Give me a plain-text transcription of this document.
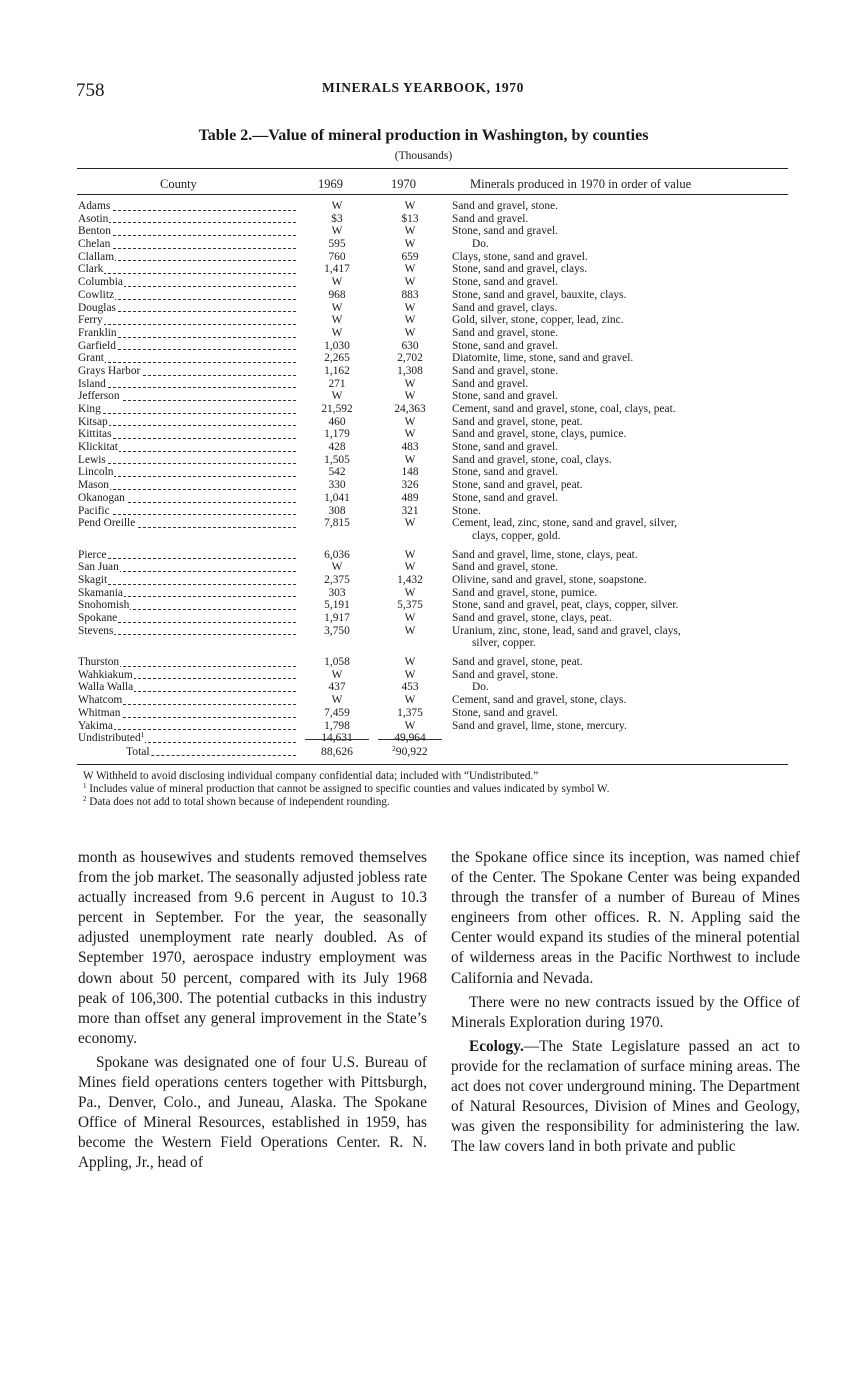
758	MINERALS YEARBOOK, 1970
Table 2.—Value of mineral production in Washington, by counties
(Thousands)
County	1969	1970	Minerals produced in 1970 in order of value
Adams	W	W	Sand and gravel, stone.
Asotin	$3	$13	Sand and gravel.
Benton	W	W	Stone, sand and gravel.
Chelan	595	W	Do.
Clallam	760	659	Clays, stone, sand and gravel.
Clark	1,417	W	Stone, sand and gravel, clays.
Columbia	W	W	Stone, sand and gravel.
Cowlitz	968	883	Stone, sand and gravel, bauxite, clays.
Douglas	W	W	Sand and gravel, clays.
Ferry	W	W	Gold, silver, stone, copper, lead, zinc.
Franklin	W	W	Sand and gravel, stone.
Garfield	1,030	630	Stone, sand and gravel.
Grant	2,265	2,702	Diatomite, lime, stone, sand and gravel.
Grays Harbor	1,162	1,308	Sand and gravel, stone.
Island	271	W	Sand and gravel.
Jefferson	W	W	Stone, sand and gravel.
King	21,592	24,363	Cement, sand and gravel, stone, coal, clays, peat.
Kitsap	460	W	Sand and gravel, stone, peat.
Kittitas	1,179	W	Sand and gravel, stone, clays, pumice.
Klickitat	428	483	Stone, sand and gravel.
Lewis	1,505	W	Sand and gravel, stone, coal, clays.
Lincoln	542	148	Stone, sand and gravel.
Mason	330	326	Stone, sand and gravel, peat.
Okanogan	1,041	489	Stone, sand and gravel.
Pacific	308	321	Stone.
Pend Oreille	7,815	W	Cement, lead, zinc, stone, sand and gravel, silver,
clays, copper, gold.
Pierce	6,036	W	Sand and gravel, lime, stone, clays, peat.
San Juan	W	W	Sand and gravel, stone.
Skagit	2,375	1,432	Olivine, sand and gravel, stone, soapstone.
Skamania	303	W	Sand and gravel, stone, pumice.
Snohomish	5,191	5,375	Stone, sand and gravel, peat, clays, copper, silver.
Spokane	1,917	W	Sand and gravel, stone, clays, peat.
Stevens	3,750	W	Uranium, zinc, stone, lead, sand and gravel, clays,
silver, copper.
Thurston	1,058	W	Sand and gravel, stone, peat.
Wahkiakum	W	W	Sand and gravel, stone.
Walla Walla	437	453	Do.
Whatcom	W	W	Cement, sand and gravel, stone, clays.
Whitman	7,459	1,375	Stone, sand and gravel.
Yakima	1,798	W	Sand and gravel, lime, stone, mercury.
Undistributed$^1$	14,631	49,964
Total	88,626	$^2$90,922

W Withheld to avoid disclosing individual company confidential data; included with “Undistributed.”

$^1$ Includes value of mineral production that cannot be assigned to specific counties and values indicated by symbol W.

$^2$ Data does not add to total shown because of independent rounding.

month as housewives and students removed themselves from the job market. The seasonally adjusted jobless rate actually increased from 9.6 percent in August to 10.3 percent in September. For the year, the seasonally adjusted unemployment rate nearly doubled. As of September 1970, aerospace industry employment was down about 50 percent, compared with its July 1968 peak of 106,300. The potential cutbacks in this industry more than offset any general improvement in the State’s economy.

Spokane was designated one of four U.S. Bureau of Mines field operations centers together with Pittsburgh, Pa., Denver, Colo., and Juneau, Alaska. The Spokane Office of Mineral Resources, established in 1959, has become the Western Field Operations Center. R. N. Appling, Jr., head of

the Spokane office since its inception, was named chief of the Center. The Spokane Center was being expanded through the transfer of a number of Bureau of Mines engineers from other offices. R. N. Appling said the Center would expand its studies of the mineral potential of wilderness areas in the Pacific Northwest to include California and Nevada.

There were no new contracts issued by the Office of Minerals Exploration during 1970.

Ecology.—The State Legislature passed an act to provide for the reclamation of surface mining areas. The act does not cover underground mining. The Department of Natural Resources, Division of Mines and Geology, was given the responsibility for administering the law. The law covers land in both private and public
